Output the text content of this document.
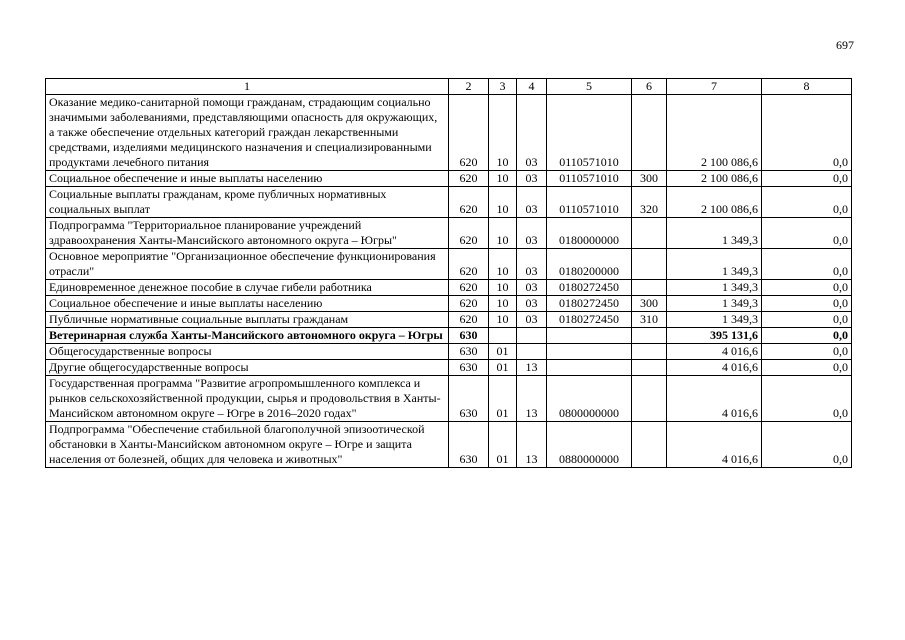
697
1	2	3	4	5	6	7	8
Оказание медико-санитарной помощи гражданам, страдающим социально значимыми заболеваниями, представляющими опасность для окружающих, а также обеспечение отдельных категорий граждан лекарственными средствами, изделиями медицинского назначения и специализированными продуктами лечебного питания	620	10	03	0110571010		2 100 086,6	0,0
Социальное обеспечение и иные выплаты населению	620	10	03	0110571010	300	2 100 086,6	0,0
Социальные выплаты гражданам, кроме публичных нормативных социальных выплат	620	10	03	0110571010	320	2 100 086,6	0,0
Подпрограмма "Территориальное планирование учреждений здравоохранения Ханты-Мансийского автономного округа – Югры"	620	10	03	0180000000		1 349,3	0,0
Основное мероприятие "Организационное обеспечение функционирования отрасли"	620	10	03	0180200000		1 349,3	0,0
Единовременное денежное пособие в случае гибели работника	620	10	03	0180272450		1 349,3	0,0
Социальное обеспечение и иные выплаты населению	620	10	03	0180272450	300	1 349,3	0,0
Публичные нормативные социальные выплаты гражданам	620	10	03	0180272450	310	1 349,3	0,0
Ветеринарная служба Ханты-Мансийского автономного округа – Югры	630					395 131,6	0,0
Общегосударственные вопросы	630	01				4 016,6	0,0
Другие общегосударственные вопросы	630	01	13			4 016,6	0,0
Государственная программа "Развитие агропромышленного комплекса и рынков сельскохозяйственной продукции, сырья и продовольствия в Ханты-Мансийском автономном округе – Югре в 2016–2020 годах"	630	01	13	0800000000		4 016,6	0,0
Подпрограмма "Обеспечение стабильной благополучной эпизоотической обстановки в Ханты-Мансийском автономном округе – Югре и защита населения от болезней, общих для человека и животных"	630	01	13	0880000000		4 016,6	0,0
